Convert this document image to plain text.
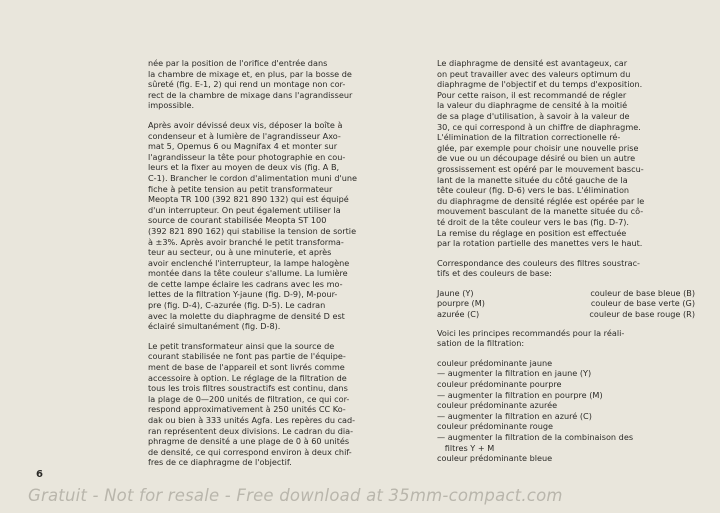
née par la position de l'orifice d'entrée dans
la chambre de mixage et, en plus, par la bosse de
sûreté (fig. E-1, 2) qui rend un montage non cor-
rect de la chambre de mixage dans l'agrandisseur
impossible.
Après avoir dévissé deux vis, déposer la boîte à
condenseur et à lumière de l'agrandisseur Axo-
mat 5, Opemus 6 ou Magnifax 4 et monter sur
l'agrandisseur la tête pour photographie en cou-
leurs et la fixer au moyen de deux vis (fig. A B,
C-1). Brancher le cordon d'alimentation muni d'une
fiche à petite tension au petit transformateur
Meopta TR 100 (392 821 890 132) qui est équipé
d'un interrupteur. On peut également utiliser la
source de courant stabilisée Meopta ST 100
(392 821 890 162) qui stabilise la tension de sortie
à ±3%. Après avoir branché le petit transforma-
teur au secteur, ou à une minuterie, et après
avoir enclenché l'interrupteur, la lampe halogène
montée dans la tête couleur s'allume. La lumière
de cette lampe éclaire les cadrans avec les mo-
lettes de la filtration Y-jaune (fig. D-9), M-pour-
pre (fig. D-4), C-azurée (fig. D-5). Le cadran
avec la molette du diaphragme de densité D est
éclairé simultanément (fig. D-8).
Le petit transformateur ainsi que la source de
courant stabilisée ne font pas partie de l'équipe-
ment de base de l'appareil et sont livrés comme
accessoire à option. Le réglage de la filtration de
tous les trois filtres soustractifs est continu, dans
la plage de 0—200 unités de filtration, ce qui cor-
respond approximativement à 250 unités CC Ko-
dak ou bien à 333 unités Agfa. Les repères du cad-
ran représentent deux divisions. Le cadran du dia-
phragme de densité a une plage de 0 à 60 unités
de densité, ce qui correspond environ à deux chif-
fres de ce diaphragme de l'objectif.
Le diaphragme de densité est avantageux, car
on peut travailler avec des valeurs optimum du
diaphragme de l'objectif et du temps d'exposition.
Pour cette raison, il est recommandé de régler
la valeur du diaphragme de censité à la moitié
de sa plage d'utilisation, à savoir à la valeur de
30, ce qui correspond à un chiffre de diaphragme.
L'élimination de la filtration correctionelle ré-
glée, par exemple pour choisir une nouvelle prise
de vue ou un découpage désiré ou bien un autre
grossissement est opéré par le mouvement bascu-
lant de la manette située du côté gauche de la
tête couleur (fig. D-6) vers le bas. L'élimination
du diaphragme de densité réglée est opérée par le
mouvement basculant de la manette située du cô-
té droit de la tête couleur vers le bas (fig. D-7).
La remise du réglage en position est effectuée
par la rotation partielle des manettes vers le haut.
Correspondance des couleurs des filtres soustrac-
tifs et des couleurs de base:
Jaune (Y)	couleur de base bleue (B)
pourpre (M)	couleur de base verte (G)
azurée (C)	couleur de base rouge (R)
Voici les principes recommandés pour la réali-
sation de la filtration:
couleur prédominante jaune
— augmenter la filtration en jaune (Y)
couleur prédominante pourpre
— augmenter la filtration en pourpre (M)
couleur prédominante azurée
— augmenter la filtration en azuré (C)
couleur prédominante rouge
— augmenter la filtration de la combinaison des
filtres Y + M
couleur prédominante bleue
6
Gratuit - Not for resale - Free download at 35mm-compact.com
